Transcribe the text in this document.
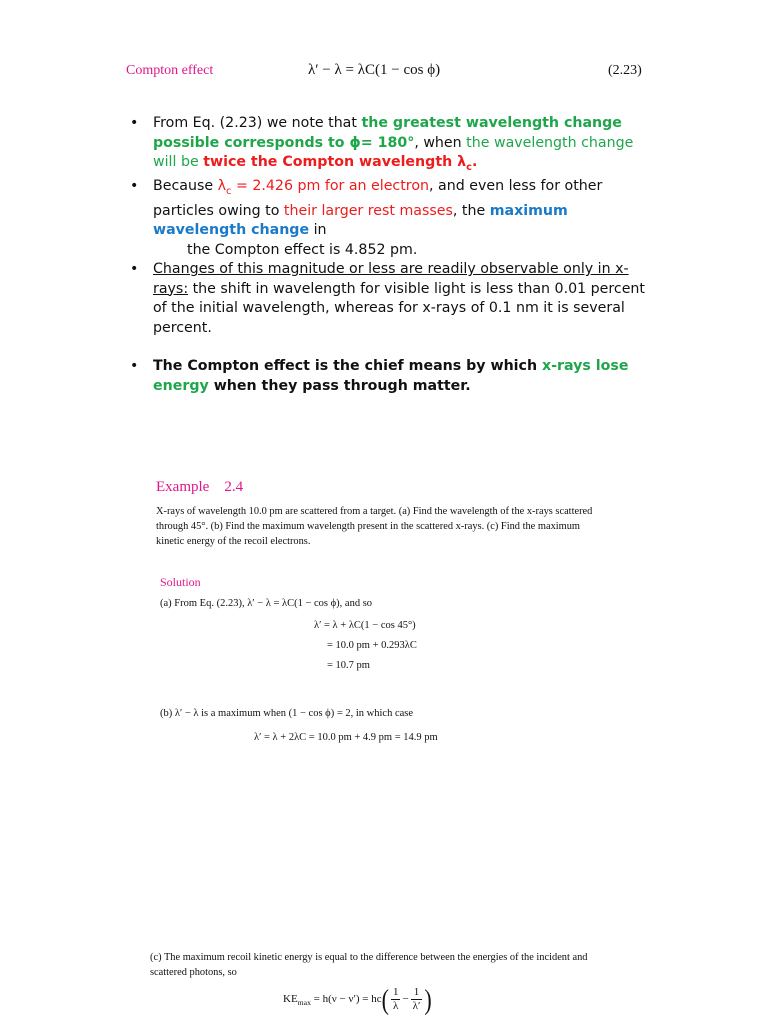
Compton effect	λ′ − λ = λC(1 − cos ϕ)	(2.23)
• From Eq. (2.23) we note that the greatest wavelength change possible corresponds to ϕ= 180°, when the wavelength change will be twice the Compton wavelength $\lambda_c$.
• Because $\lambda_c = 2.426$ pm for an electron, and even less for other particles owing to their larger rest masses, the maximum wavelength change in
the Compton effect is 4.852 pm.
• Changes of this magnitude or less are readily observable only in x-rays: the shift in wavelength for visible light is less than 0.01 percent of the initial wavelength, whereas for x-rays of 0.1 nm it is several percent.
• The Compton effect is the chief means by which x-rays lose energy when they pass through matter.
Example    2.4
X-rays of wavelength 10.0 pm are scattered from a target. (a) Find the wavelength of the x-rays scattered through 45°. (b) Find the maximum wavelength present in the scattered x-rays. (c) Find the maximum kinetic energy of the recoil electrons.
Solution
(a) From Eq. (2.23), λ′ − λ = λC(1 − cos ϕ), and so
λ′ = λ + λC(1 − cos 45°)
= 10.0 pm + 0.293λC
= 10.7 pm
(b) λ′ − λ is a maximum when (1 − cos ϕ) = 2, in which case
λ′ = λ + 2λC = 10.0 pm + 4.9 pm = 14.9 pm
(c) The maximum recoil kinetic energy is equal to the difference between the energies of the incident and scattered photons, so
$KE_{max} = h(\nu - \nu') = hc( \frac{1}{\lambda} - \frac{1}{\lambda'}$ )
